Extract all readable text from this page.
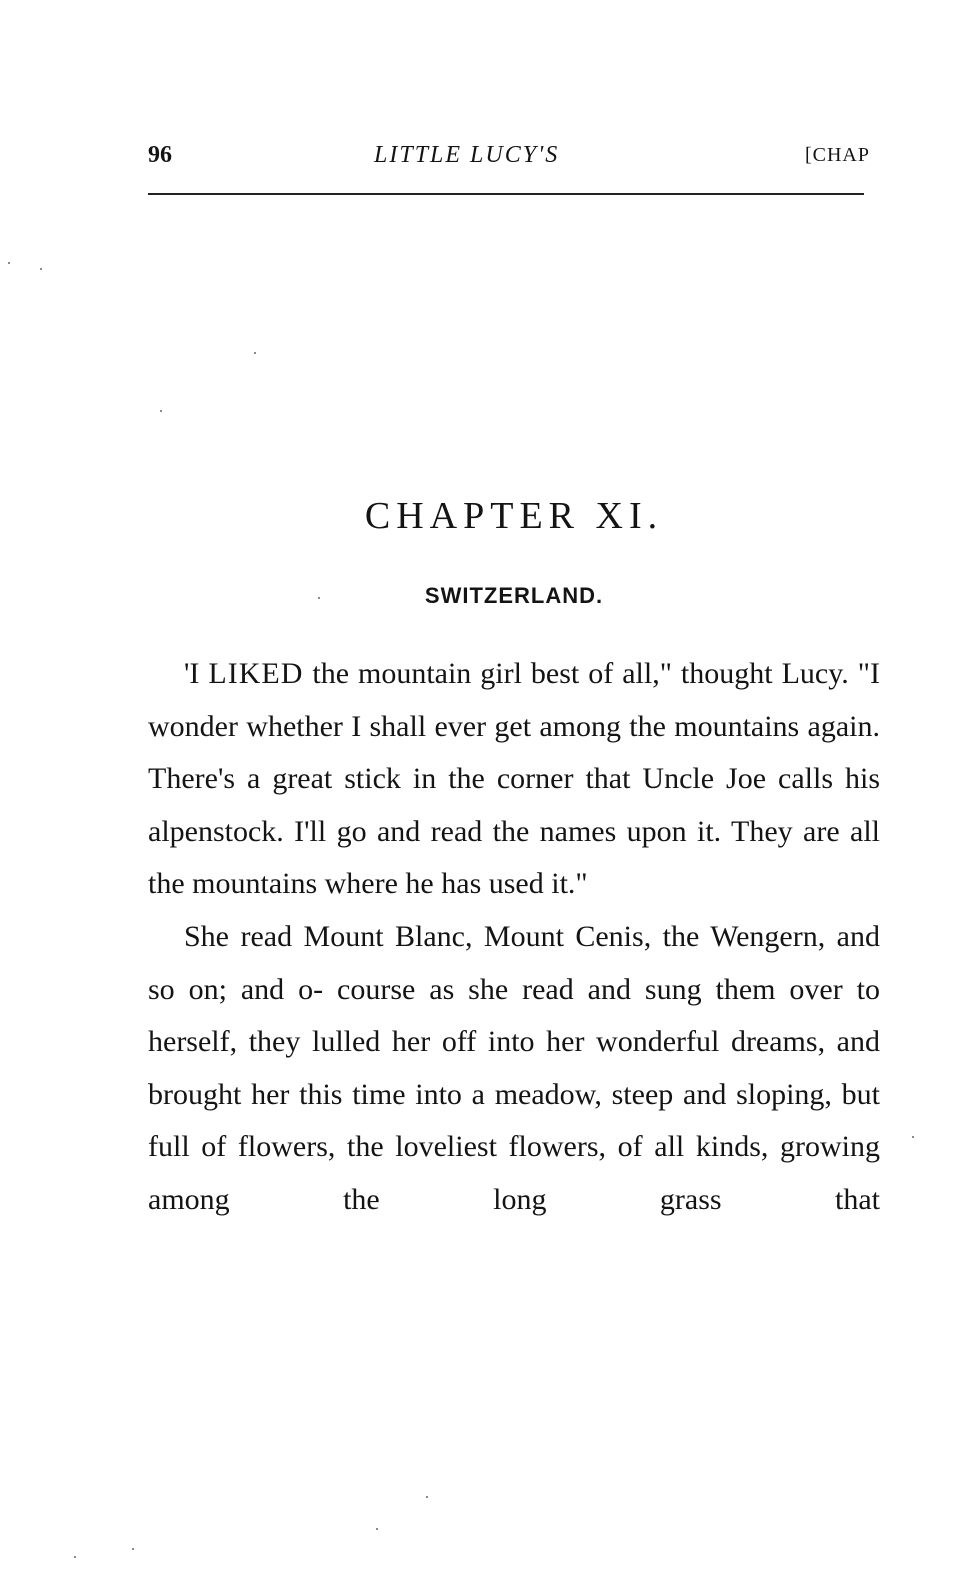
96	LITTLE LUCY'S	[CHAP
CHAPTER XI.
SWITZERLAND.

'I LIKED the mountain girl best of all," thought Lucy. "I wonder whether I shall ever get among the mountains again. There's a great stick in the corner that Uncle Joe calls his alpenstock. I'll go and read the names upon it. They are all the mountains where he has used it."

She read Mount Blanc, Mount Cenis, the Wengern, and so on; and o- course as she read and sung them over to herself, they lulled her off into her wonderful dreams, and brought her this time into a meadow, steep and sloping, but full of flowers, the loveliest flowers, of all kinds, growing among the long grass that
